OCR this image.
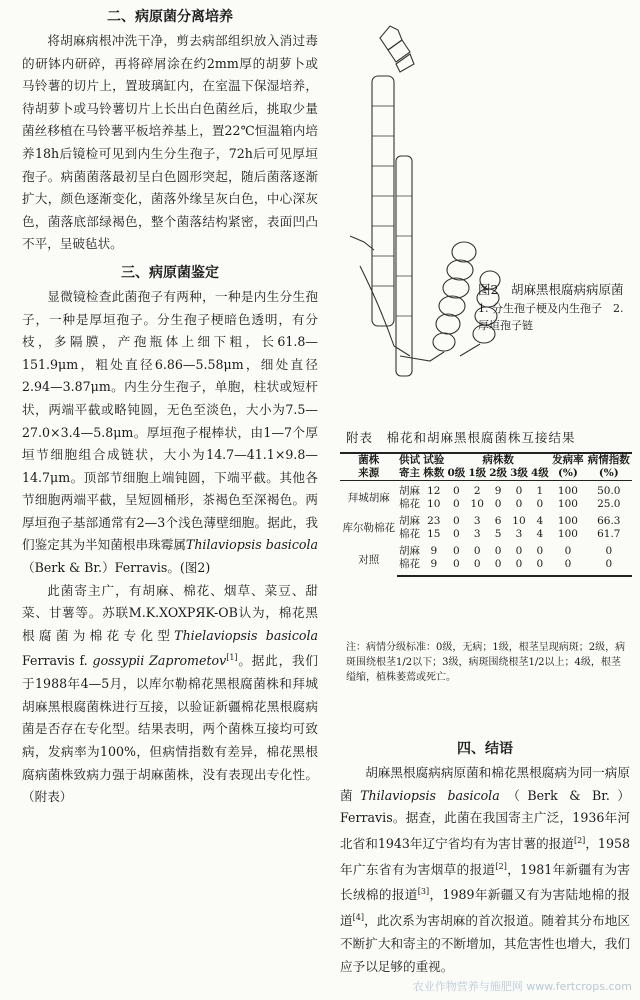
二、病原菌分离培养

将胡麻病根冲洗干净，剪去病部组织放入消过毒的研钵内研碎，再将碎屑涂在约2mm厚的胡萝卜或马铃薯的切片上，置玻璃缸内，在室温下保湿培养，待胡萝卜或马铃薯切片上长出白色菌丝后，挑取少量菌丝移植在马铃薯平板培养基上，置22℃恒温箱内培养18h后镜检可见到内生分生孢子，72h后可见厚垣孢子。病菌菌落最初呈白色圆形突起，随后菌落逐渐扩大，颜色逐渐变化，菌落外缘呈灰白色，中心深灰色，菌落底部绿褐色，整个菌落结构紧密，表面凹凸不平，呈破毡状。

三、病原菌鉴定

显微镜检查此菌孢子有两种，一种是内生分生孢子，一种是厚垣孢子。分生孢子梗暗色透明，有分枝，多隔膜，产孢瓶体上细下粗，长61.8—151.9μm，粗处直径6.86—5.58μm，细处直径2.94—3.87μm。内生分生孢子，单胞，柱状或短杆状，两端平截或略钝圆，无色至淡色，大小为7.5—27.0×3.4—5.8μm。厚垣孢子棍棒状，由1—7个厚垣节细胞组合成链状，大小为14.7—41.1×9.8—14.7μm。顶部节细胞上端钝圆，下端平截。其他各节细胞两端平截，呈短圆桶形，茶褐色至深褐色。两厚垣孢子基部通常有2—3个浅色薄壁细胞。据此，我们鉴定其为半知菌根串珠霉属Thilaviopsis basicola（Berk & Br.）Ferravis。(图2)

此菌寄主广，有胡麻、棉花、烟草、菜豆、甜菜、甘薯等。苏联M.K.XOXPЯK-OB认为，棉花黑根腐菌为棉花专化型Thielaviopsis basicola Ferravis f. gossypii Zaprometov[1]。据此，我们于1988年4—5月，以库尔勒棉花黑根腐菌株和拜城胡麻黑根腐菌株进行互接，以验证新疆棉花黑根腐病菌是否存在专化型。结果表明，两个菌株互接均可致病，发病率为100%，但病情指数有差异，棉花黑根腐病菌株致病力强于胡麻菌株，没有表现出专化性。（附表）

图2　胡麻黑根腐病病原菌
1. 分生孢子梗及内生孢子　2. 厚垣孢子链
附表　棉花和胡麻黑根腐菌株互接结果
菌株	供试	试验	病株数					发病率	病情指数
来源	寄主	株数	0级	1级	2级	3级	4级	(%)	(%)
拜城胡麻	胡麻	12	0	2	9	0	1	100	50.0
	棉花	10	0	10	0	0	0	100	25.0
库尔勒棉花	胡麻	23	0	3	6	10	4	100	66.3
	棉花	15	0	3	5	3	4	100	61.7
对照	胡麻	9	0	0	0	0	0	0	0
	棉花	9	0	0	0	0	0	0	0
注：病情分级标准：0级，无病；1级，根茎呈现病斑；2级，病斑围绕根茎1/2以下；3级，病斑围绕根茎1/2以上；4级，根茎缢缩，植株萎蔫或死亡。
四、结语

胡麻黑根腐病病原菌和棉花黑根腐病为同一病原菌Thilaviopsis basicola（Berk & Br.）Ferravis。据查，此菌在我国寄主广泛，1936年河北省和1943年辽宁省均有为害甘薯的报道[2]，1958年广东省有为害烟草的报道[2]，1981年新疆有为害长绒棉的报道[3]，1989年新疆又有为害陆地棉的报道[4]，此次系为害胡麻的首次报道。随着其分布地区不断扩大和寄主的不断增加，其危害性也增大，我们应予以足够的重视。

农业作物营养与施肥网 www.fertcrops.com
